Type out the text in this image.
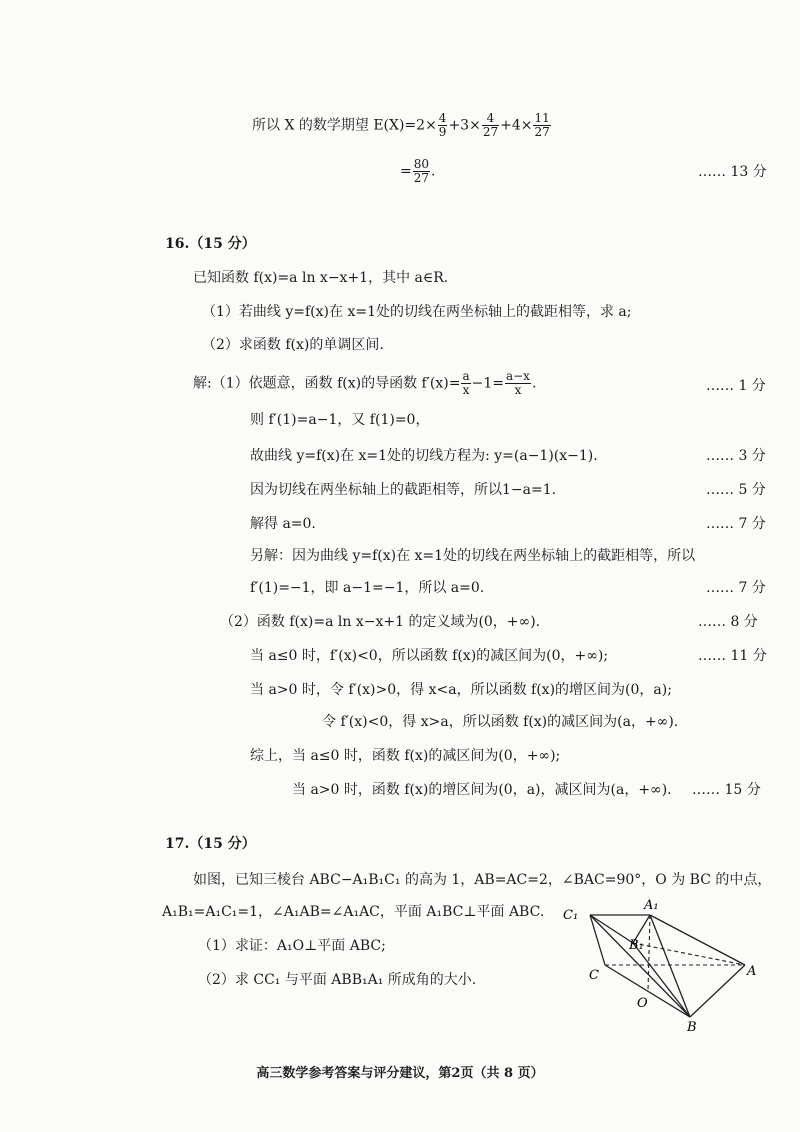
所以 X 的数学期望 $E(X)=2\times \frac{4}{9} +3\times \frac{4}{27} +4\times \frac{11}{27}$
= $\frac{80}{27}$ .	…… 13 分
16.（15 分）
已知函数 f(x)=a ln x−x+1，其中 a∈R.
（1）若曲线 y=f(x)在 x=1处的切线在两坐标轴上的截距相等，求 a;
（2）求函数 f(x)的单调区间.
解:（1）依题意，函数 f(x)的导函数 $f'(x)= \frac{a}{x} -1= \frac{a-x}{x}$ .	…… 1 分
则 f′(1)=a−1，又 f(1)=0，
故曲线 y=f(x)在 x=1处的切线方程为: y=(a−1)(x−1).	…… 3 分
因为切线在两坐标轴上的截距相等，所以1−a=1.	…… 5 分
解得 a=0.	…… 7 分
另解：因为曲线 y=f(x)在 x=1处的切线在两坐标轴上的截距相等，所以
f′(1)=−1，即 a−1=−1，所以 a=0.	…… 7 分
（2）函数 f(x)=a ln x−x+1 的定义域为(0，+∞).	…… 8 分
当 a≤0 时，f′(x)<0，所以函数 f(x)的减区间为(0，+∞);	…… 11 分
当 a>0 时，令 f′(x)>0，得 x<a，所以函数 f(x)的增区间为(0，a);
令 f′(x)<0，得 x>a，所以函数 f(x)的减区间为(a，+∞).
综上，当 a≤0 时，函数 f(x)的减区间为(0，+∞);
当 a>0 时，函数 f(x)的增区间为(0，a)，减区间为(a，+∞). …… 15 分
17.（15 分）
如图，已知三棱台 ABC−A₁B₁C₁ 的高为 1，AB=AC=2，∠BAC=90°，O 为 BC 的中点，
A₁B₁=A₁C₁=1，∠A₁AB=∠A₁AC，平面 A₁BC⊥平面 ABC.
（1）求证：A₁O⊥平面 ABC;
（2）求 CC₁ 与平面 ABB₁A₁ 所成角的大小.
C₁
A₁
B₁
C	A
O
B
高三数学参考答案与评分建议，第2页（共 8 页）
